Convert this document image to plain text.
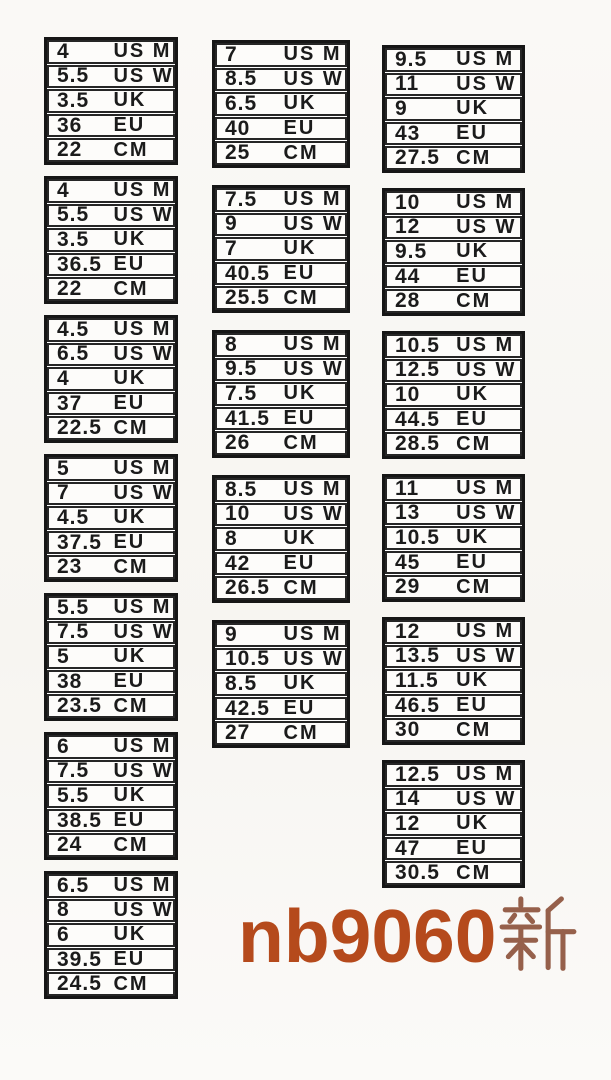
4	US M
5.5	US W
3.5	UK
36	EU
22	CM
4	US M
5.5	US W
3.5	UK
36.5 EU
22	CM
4.5	US M
6.5	US W
4	UK
37	EU
22.5 CM
5	US M
7	US W
4.5	UK
37.5 EU
23	CM
5.5	US M
7.5	US W
5	UK
38	EU
23.5 CM
6	US M
7.5	US W
5.5	UK
38.5 EU
24	CM
6.5	US M
8	US W
6	UK
39.5 EU
24.5 CM
7	US M
8.5	US W
6.5	UK
40	EU
25	CM
7.5	US M
9	US W
7	UK
40.5 EU
25.5 CM
8	US M
9.5	US W
7.5	UK
41.5 EU
26	CM
8.5	US M
10	US W
8	UK
42	EU
26.5 CM
9	US M
10.5 US W
8.5	UK
42.5 EU
27	CM
9.5	US M
11	US W
9	UK
43	EU
27.5 CM
10	US M
12	US W
9.5	UK
44	EU
28	CM
10.5 US M
12.5 US W
10	UK
44.5 EU
28.5 CM
11	US M
13	US W
10.5 UK
45	EU
29	CM
12	US M
13.5 US W
11.5 UK
46.5 EU
30	CM
12.5 US M
14	US W
12	UK
47	EU
30.5 CM
nb9060
